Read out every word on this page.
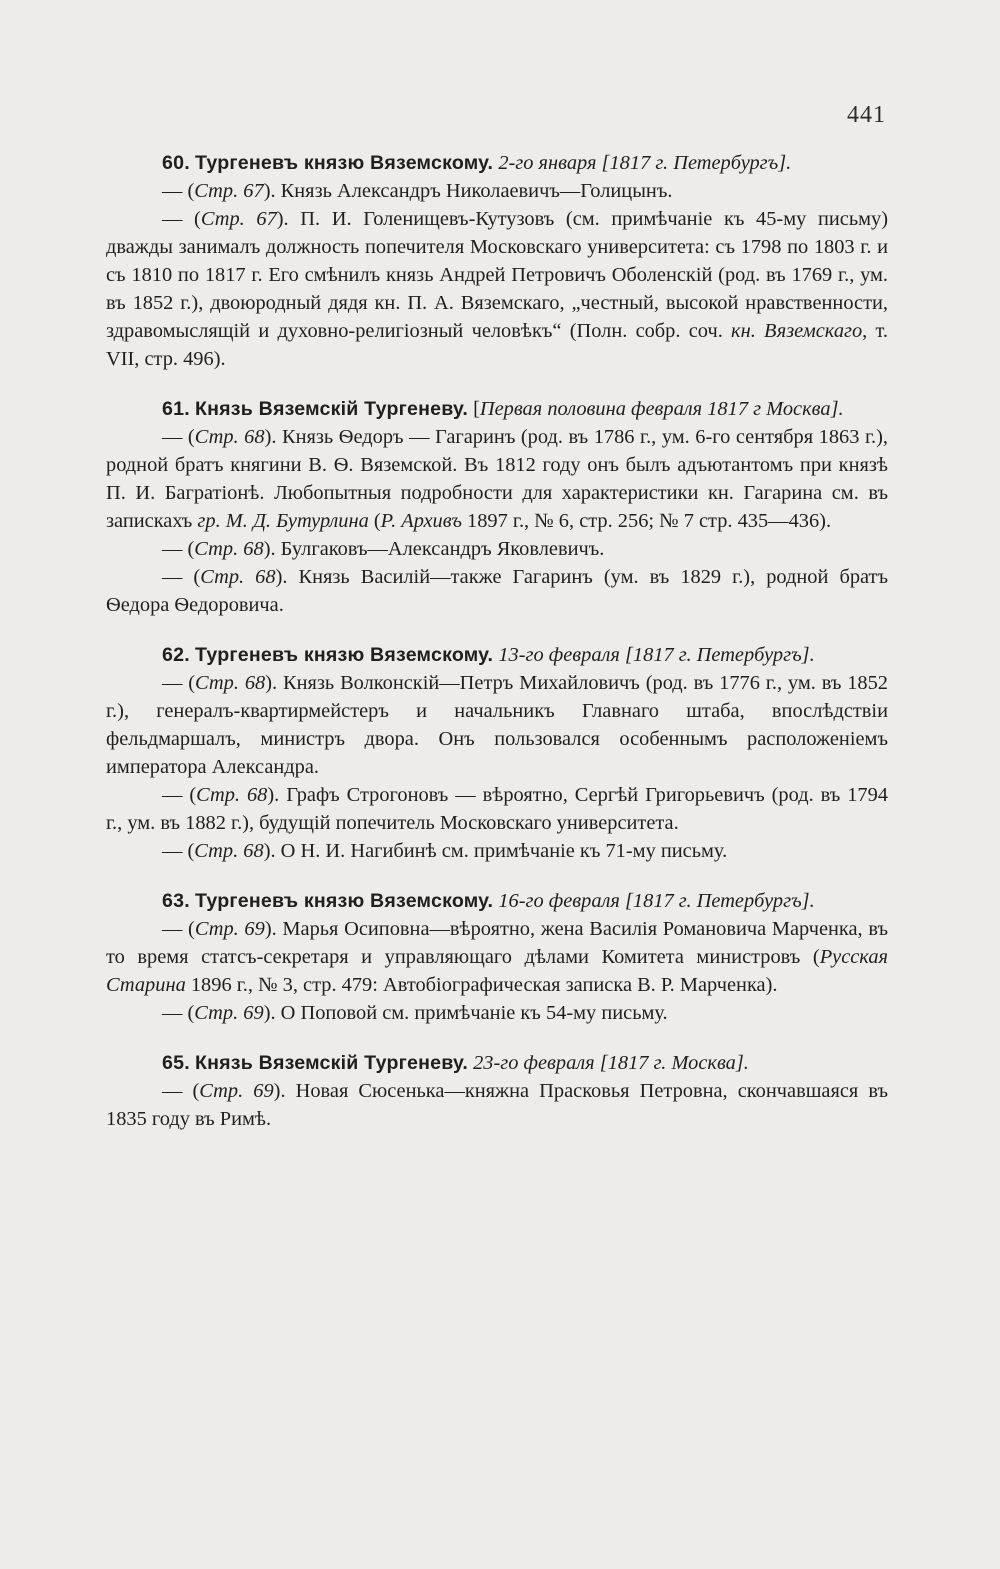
441

60. Тургеневъ князю Вяземскому. 2-го января [1817 г. Петербургъ].

— (Стр. 67). Князь Александръ Николаевичъ—Голицынъ.

— (Стр. 67). П. И. Голенищевъ-Кутузовъ (см. примѣчаніе къ 45-му письму) дважды занималъ должность попечителя Московскаго университета: съ 1798 по 1803 г. и съ 1810 по 1817 г. Его смѣнилъ князь Андрей Петровичъ Оболенскій (род. въ 1769 г., ум. въ 1852 г.), двоюродный дядя кн. П. А. Вяземскаго, „честный, высокой нравственности, здравомыслящій и духовно-религіозный человѣкъ“ (Полн. собр. соч. кн. Вяземскаго, т. VII, стр. 496).

61. Князь Вяземскій Тургеневу. [Первая половина февраля 1817 г Москва].

— (Стр. 68). Князь Ѳедоръ — Гагаринъ (род. въ 1786 г., ум. 6-го сентября 1863 г.), родной братъ княгини В. Ѳ. Вяземской. Въ 1812 году онъ былъ адъютантомъ при князѣ П. И. Багратіонѣ. Любопытныя подробности для характеристики кн. Гагарина см. въ запискахъ гр. М. Д. Бутурлина (Р. Архивъ 1897 г., № 6, стр. 256; № 7 стр. 435—436).

— (Стр. 68). Булгаковъ—Александръ Яковлевичъ.

— (Стр. 68). Князь Василій—также Гагаринъ (ум. въ 1829 г.), родной братъ Ѳедора Ѳедоровича.

62. Тургеневъ князю Вяземскому. 13-го февраля [1817 г. Петербургъ].

— (Стр. 68). Князь Волконскій—Петръ Михайловичъ (род. въ 1776 г., ум. въ 1852 г.), генералъ-квартирмейстеръ и начальникъ Главнаго штаба, впослѣдствіи фельдмаршалъ, министръ двора. Онъ пользовался особеннымъ расположеніемъ императора Александра.

— (Стр. 68). Графъ Строгоновъ — вѣроятно, Сергѣй Григорьевичъ (род. въ 1794 г., ум. въ 1882 г.), будущій попечитель Московскаго университета.

— (Стр. 68). О Н. И. Нагибинѣ см. примѣчаніе къ 71-му письму.

63. Тургеневъ князю Вяземскому. 16-го февраля [1817 г. Петербургъ].

— (Стр. 69). Марья Осиповна—вѣроятно, жена Василія Романовича Марченка, въ то время статсъ-секретаря и управляющаго дѣлами Комитета министровъ (Русская Старина 1896 г., № 3, стр. 479: Автобіографическая записка В. Р. Марченка).

— (Стр. 69). О Поповой см. примѣчаніе къ 54-му письму.

65. Князь Вяземскій Тургеневу. 23-го февраля [1817 г. Москва].

— (Стр. 69). Новая Сюсенька—княжна Прасковья Петровна, скончавшаяся въ 1835 году въ Римѣ.
